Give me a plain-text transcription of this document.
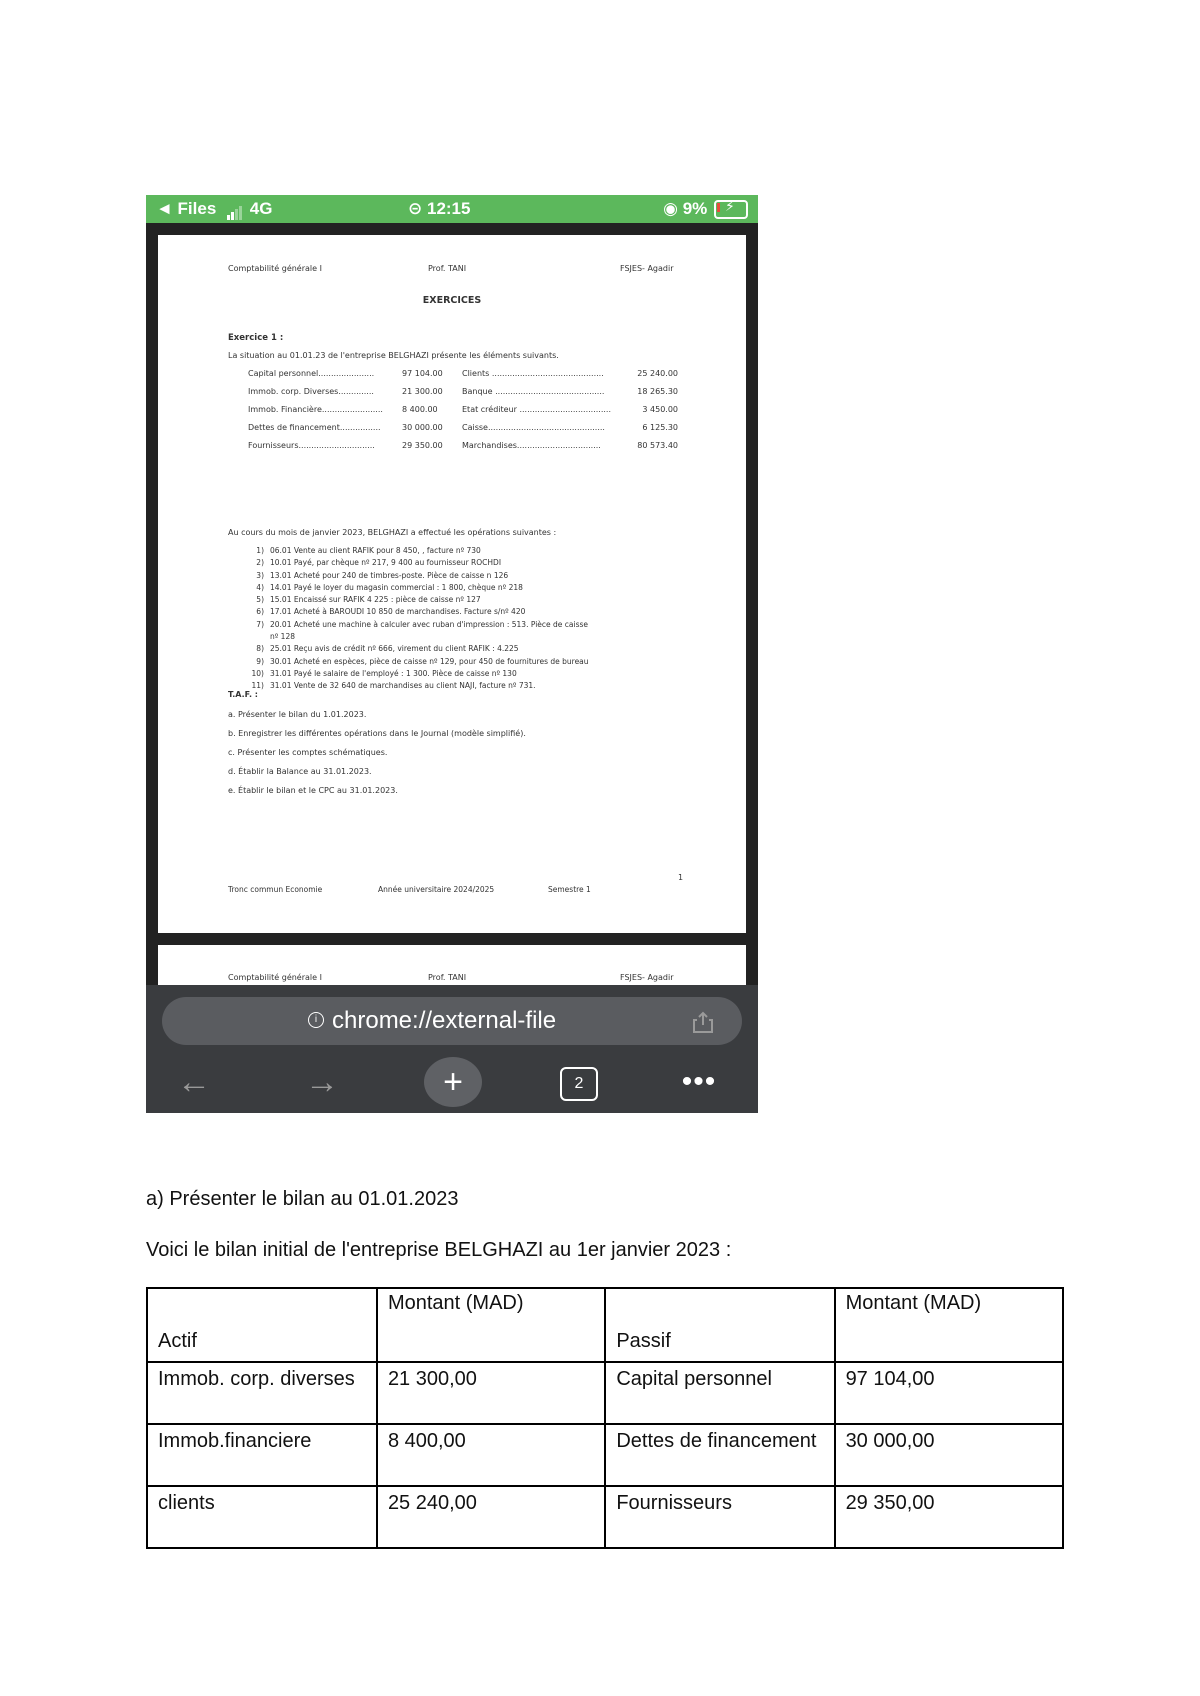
◄ Files 4G	⊝ 12:15	◉ 9% ⚡
Comptabilité générale I	Prof. TANI	FSJES- Agadir
EXERCICES
Exercice 1 :
La situation au 01.01.23 de l'entreprise BELGHAZI présente les éléments suivants.
Capital personnel......................	97 104.00 Clients ............................................	25 240.00
Immob. corp. Diverses..............	21 300.00 Banque ...........................................	18 265.30
Immob. Financière........................ 8 400.00	Etat créditeur ....................................	3 450.00
Dettes de financement................	30 000.00 Caisse..............................................	6 125.30
Fournisseurs..............................	29 350.00 Marchandises.................................	80 573.40
Au cours du mois de janvier 2023, BELGHAZI a effectué les opérations suivantes :
1) 06.01 Vente au client RAFIK pour 8 450, , facture nº 730
2) 10.01 Payé, par chèque nº 217, 9 400 au fournisseur ROCHDI
3) 13.01 Acheté pour 240 de timbres-poste. Pièce de caisse n 126
4) 14.01 Payé le loyer du magasin commercial : 1 800, chèque nº 218
5) 15.01 Encaissé sur RAFIK 4 225 : pièce de caisse nº 127
6) 17.01 Acheté à BAROUDI 10 850 de marchandises. Facture s/nº 420
7) 20.01 Acheté une machine à calculer avec ruban d'impression : 513. Pièce de caisse
nº 128
8) 25.01 Reçu avis de crédit nº 666, virement du client RAFIK : 4.225
9) 30.01 Acheté en espèces, pièce de caisse nº 129, pour 450 de fournitures de bureau
10) 31.01 Payé le salaire de l'employé : 1 300. Pièce de caisse nº 130
11) 31.01 Vente de 32 640 de marchandises au client NAJI, facture nº 731.
T.A.F. :
a. Présenter le bilan du 1.01.2023.
b. Enregistrer les différentes opérations dans le Journal (modèle simplifié).
c. Présenter les comptes schématiques.
d. Établir la Balance au 31.01.2023.
e. Établir le bilan et le CPC au 31.01.2023.
1
Tronc commun Economie	Année universitaire 2024/2025	Semestre 1
Comptabilité générale I	Prof. TANI	FSJES- Agadir
i chrome://external-file
←	→	+	2	•••
a) Présenter le bilan au 01.01.2023
Voici le bilan initial de l'entreprise BELGHAZI au 1er janvier 2023 :
Actif	Montant (MAD)	Passif	Montant (MAD)
Immob. corp. diverses	21 300,00	Capital personnel	97 104,00
Immob.financiere	8 400,00	Dettes de financement	30 000,00
clients	25 240,00	Fournisseurs	29 350,00
